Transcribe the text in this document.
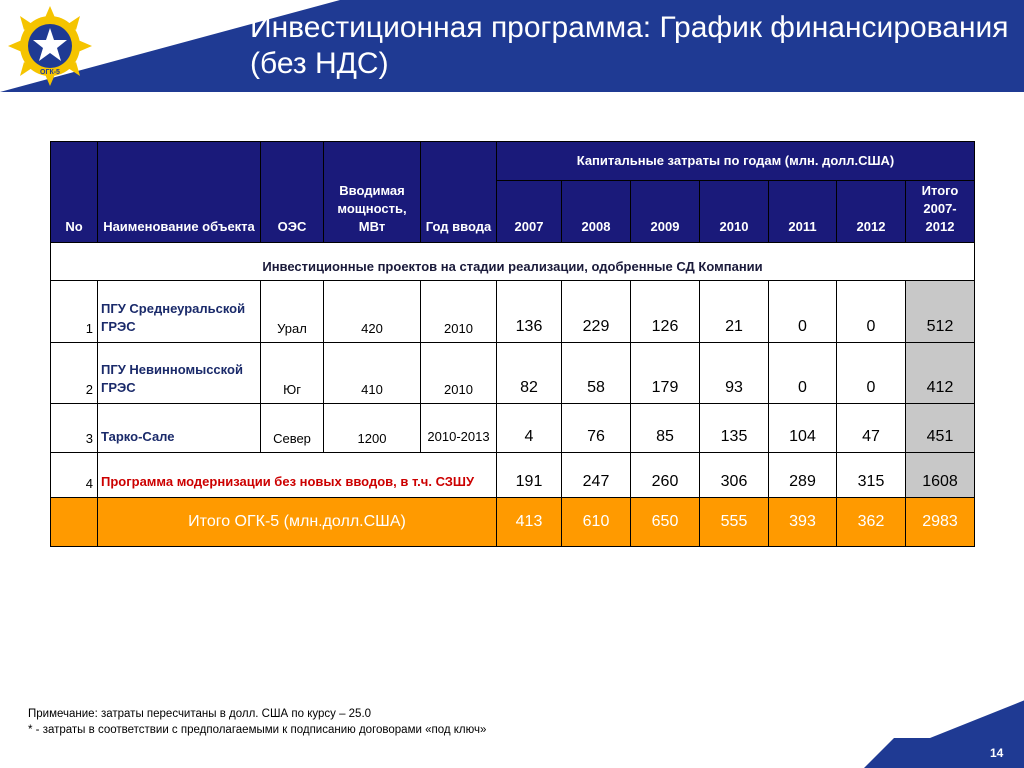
Инвестиционная программа: График финансирования (без НДС)
ОГК-5
No	Наименование объекта	ОЭС	Вводимая мощность, МВт	Год ввода	Капитальные затраты по годам (млн. долл.США)						
					2007	2008	2009	2010	2011	2012	Итого 2007-2012
Инвестиционные проектов на стадии реализации, одобренные СД Компании											
1	ПГУ Среднеуральской ГРЭС	Урал	420	2010	136	229	126	21	0	0	512
2	ПГУ Невинномысской ГРЭС	Юг	410	2010	82	58	179	93	0	0	412
3	Тарко-Сале	Север	1200	2010-2013	4	76	85	135	104	47	451
4	Программа модернизации без новых вводов, в т.ч. СЗШУ				191	247	260	306	289	315	1608
	Итого ОГК-5 (млн.долл.США)				413	610	650	555	393	362	2983
Примечание: затраты пересчитаны в долл. США по курсу – 25.0
* - затраты в соответствии с предполагаемыми к подписанию договорами «под ключ»
14
